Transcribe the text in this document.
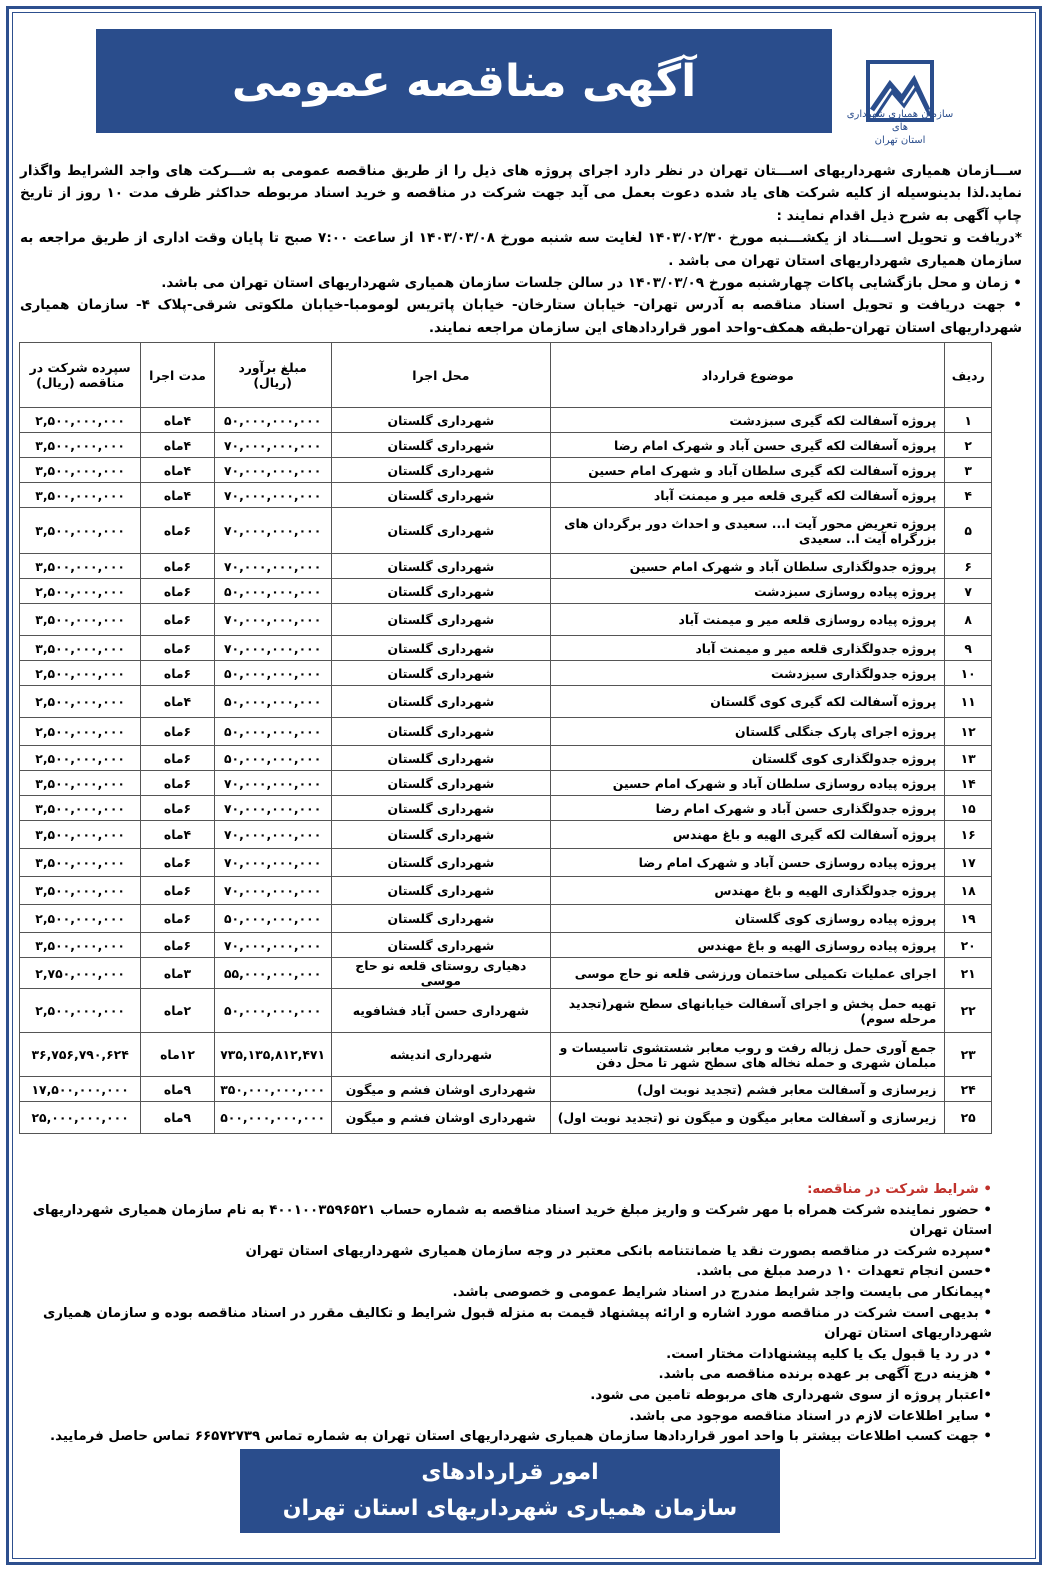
آگهی مناقصه عمومی
سازمان همیاری شهرداری های
استان تهران

ســـازمان همیاری شهرداریهای اســـتان تهران در نظر دارد اجرای پروژه های ذیل را از طریق مناقصه عمومی به شـــرکت های واجد الشرایط واگذار نماید.لذا بدینوسیله از کلیه شرکت های یاد شده دعوت بعمل می آید جهت شرکت در مناقصه و خرید اسناد مربوطه حداکثر ظرف مدت ۱۰ روز از تاریخ چاپ آگهی به شرح ذیل اقدام نمایند :

*دریافت و تحویل اســـناد از یکشـــنبه مورخ ۱۴۰۳/۰۲/۳۰ لغایت سه شنبه مورخ ۱۴۰۳/۰۳/۰۸ از ساعت ۷:۰۰ صبح تا پایان وقت اداری از طریق مراجعه به سازمان همیاری شهرداریهای استان تهران می باشد .

• زمان و محل بازگشایی پاکات چهارشنبه مورخ ۱۴۰۳/۰۳/۰۹ در سالن جلسات سازمان همیاری شهرداریهای استان تهران می باشد.

• جهت دریافت و تحویل اسناد مناقصه به آدرس تهران- خیابان ستارخان- خیابان پاتریس لومومبا-خیابان ملکوتی شرقی-پلاک ۴- سازمان همیاری شهرداریهای استان تهران-طبقه همکف-واحد امور قراردادهای این سازمان مراجعه نمایند.

ردیف	موضوع قرارداد	محل اجرا	مبلغ برآورد (ریال)	مدت اجرا	سپرده شرکت در مناقصه (ریال)
۱	پروژه آسفالت لکه گیری سبزدشت	شهرداری گلستان	۵۰,۰۰۰,۰۰۰,۰۰۰	۴ماه	۲,۵۰۰,۰۰۰,۰۰۰
۲	پروژه آسفالت لکه گیری حسن آباد و شهرک امام رضا	شهرداری گلستان	۷۰,۰۰۰,۰۰۰,۰۰۰	۴ماه	۳,۵۰۰,۰۰۰,۰۰۰
۳	پروژه آسفالت لکه گیری سلطان آباد و شهرک امام حسین	شهرداری گلستان	۷۰,۰۰۰,۰۰۰,۰۰۰	۴ماه	۳,۵۰۰,۰۰۰,۰۰۰
۴	پروژه آسفالت لکه گیری قلعه میر و میمنت آباد	شهرداری گلستان	۷۰,۰۰۰,۰۰۰,۰۰۰	۴ماه	۳,۵۰۰,۰۰۰,۰۰۰
۵	پروژه تعریض محور آیت ا... سعیدی و احداث دور برگردان های بزرگراه آیت ا.. سعیدی	شهرداری گلستان	۷۰,۰۰۰,۰۰۰,۰۰۰	۶ماه	۳,۵۰۰,۰۰۰,۰۰۰
۶	پروژه جدولگذاری سلطان آباد و شهرک امام حسین	شهرداری گلستان	۷۰,۰۰۰,۰۰۰,۰۰۰	۶ماه	۳,۵۰۰,۰۰۰,۰۰۰
۷	پروژه پیاده روسازی سبزدشت	شهرداری گلستان	۵۰,۰۰۰,۰۰۰,۰۰۰	۶ماه	۲,۵۰۰,۰۰۰,۰۰۰
۸	پروژه پیاده روسازی قلعه میر و میمنت آباد	شهرداری گلستان	۷۰,۰۰۰,۰۰۰,۰۰۰	۶ماه	۳,۵۰۰,۰۰۰,۰۰۰
۹	پروژه جدولگذاری قلعه میر و میمنت آباد	شهرداری گلستان	۷۰,۰۰۰,۰۰۰,۰۰۰	۶ماه	۳,۵۰۰,۰۰۰,۰۰۰
۱۰	پروژه جدولگذاری سبزدشت	شهرداری گلستان	۵۰,۰۰۰,۰۰۰,۰۰۰	۶ماه	۲,۵۰۰,۰۰۰,۰۰۰
۱۱	پروژه آسفالت لکه گیری کوی گلستان	شهرداری گلستان	۵۰,۰۰۰,۰۰۰,۰۰۰	۴ماه	۲,۵۰۰,۰۰۰,۰۰۰
۱۲	پروژه اجرای پارک جنگلی گلستان	شهرداری گلستان	۵۰,۰۰۰,۰۰۰,۰۰۰	۶ماه	۲,۵۰۰,۰۰۰,۰۰۰
۱۳	پروژه جدولگذاری کوی گلستان	شهرداری گلستان	۵۰,۰۰۰,۰۰۰,۰۰۰	۶ماه	۲,۵۰۰,۰۰۰,۰۰۰
۱۴	پروژه پیاده روسازی سلطان آباد و شهرک امام حسین	شهرداری گلستان	۷۰,۰۰۰,۰۰۰,۰۰۰	۶ماه	۳,۵۰۰,۰۰۰,۰۰۰
۱۵	پروژه جدولگذاری حسن آباد و شهرک امام رضا	شهرداری گلستان	۷۰,۰۰۰,۰۰۰,۰۰۰	۶ماه	۳,۵۰۰,۰۰۰,۰۰۰
۱۶	پروژه آسفالت لکه گیری الهیه و باغ مهندس	شهرداری گلستان	۷۰,۰۰۰,۰۰۰,۰۰۰	۴ماه	۳,۵۰۰,۰۰۰,۰۰۰
۱۷	پروژه پیاده روسازی حسن آباد و شهرک امام رضا	شهرداری گلستان	۷۰,۰۰۰,۰۰۰,۰۰۰	۶ماه	۳,۵۰۰,۰۰۰,۰۰۰
۱۸	پروژه جدولگذاری الهیه و باغ مهندس	شهرداری گلستان	۷۰,۰۰۰,۰۰۰,۰۰۰	۶ماه	۳,۵۰۰,۰۰۰,۰۰۰
۱۹	پروژه پیاده روسازی کوی گلستان	شهرداری گلستان	۵۰,۰۰۰,۰۰۰,۰۰۰	۶ماه	۲,۵۰۰,۰۰۰,۰۰۰
۲۰	پروژه پیاده روسازی الهیه و باغ مهندس	شهرداری گلستان	۷۰,۰۰۰,۰۰۰,۰۰۰	۶ماه	۳,۵۰۰,۰۰۰,۰۰۰
۲۱	اجرای عملیات تکمیلی ساختمان ورزشی قلعه نو حاج موسی	دهیاری روستای قلعه نو حاج موسی	۵۵,۰۰۰,۰۰۰,۰۰۰	۳ماه	۲,۷۵۰,۰۰۰,۰۰۰
۲۲	تهیه حمل پخش و اجرای آسفالت خیابانهای سطح شهر(تجدید مرحله سوم)	شهرداری حسن آباد فشافویه	۵۰,۰۰۰,۰۰۰,۰۰۰	۲ماه	۲,۵۰۰,۰۰۰,۰۰۰
۲۳	جمع آوری حمل زباله رفت و روب معابر شستشوی تاسیسات و مبلمان شهری و حمله نخاله های سطح شهر تا محل دفن	شهرداری اندیشه	۷۳۵,۱۳۵,۸۱۲,۴۷۱	۱۲ماه	۳۶,۷۵۶,۷۹۰,۶۲۴
۲۴	زیرسازی و آسفالت معابر فشم (تجدید نوبت اول)	شهرداری اوشان فشم و میگون	۳۵۰,۰۰۰,۰۰۰,۰۰۰	۹ماه	۱۷,۵۰۰,۰۰۰,۰۰۰
۲۵	زیرسازی و آسفالت معابر میگون و میگون نو (تجدید نوبت اول)	شهرداری اوشان فشم و میگون	۵۰۰,۰۰۰,۰۰۰,۰۰۰	۹ماه	۲۵,۰۰۰,۰۰۰,۰۰۰
• شرایط شرکت در مناقصه:
• حضور نماینده شرکت همراه با مهر شرکت و واریز مبلغ خرید اسناد مناقصه به شماره حساب ۴۰۰۱۰۰۳۵۹۶۵۲۱ به نام سازمان همیاری شهرداریهای استان تهران
•سپرده شرکت در مناقصه بصورت نقد یا ضمانتنامه بانکی معتبر در وجه سازمان همیاری شهرداریهای استان تهران
•حسن انجام تعهدات ۱۰ درصد مبلغ می باشد.
•پیمانکار می بایست واجد شرایط مندرج در اسناد شرایط عمومی و خصوصی باشد.
• بدیهی است شرکت در مناقصه مورد اشاره و ارائه پیشنهاد قیمت به منزله قبول شرایط و تکالیف مقرر در اسناد مناقصه بوده و سازمان همیاری شهرداریهای استان تهران
• در رد یا قبول یک یا کلیه پیشنهادات مختار است.
• هزینه درج آگهی بر عهده برنده مناقصه می باشد.
•اعتبار پروژه از سوی شهرداری های مربوطه تامین می شود.
• سایر اطلاعات لازم در اسناد مناقصه موجود می باشد.
• جهت کسب اطلاعات بیشتر با واحد امور قراردادها سازمان همیاری شهرداریهای استان تهران به شماره تماس ۶۶۵۷۲۷۳۹ تماس حاصل فرمایید.
امور قراردادهای
سازمان همیاری شهرداریهای استان تهران
